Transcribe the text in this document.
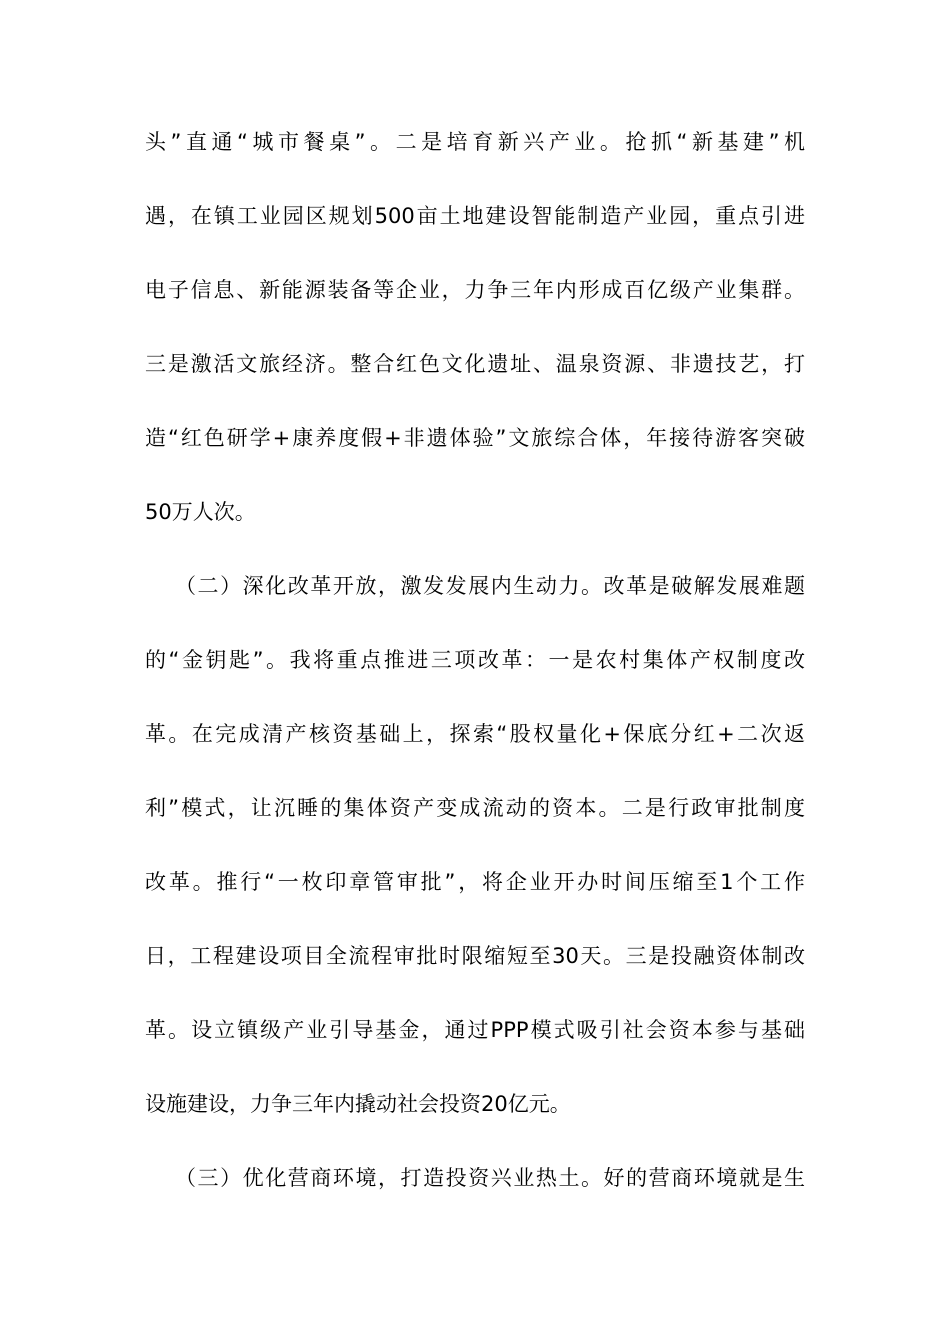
头”直通“城市餐桌”。二是培育新兴产业。抢抓“新基建”机
遇，在镇工业园区规划500亩土地建设智能制造产业园，重点引进
电子信息、新能源装备等企业，力争三年内形成百亿级产业集群。
三是激活文旅经济。整合红色文化遗址、温泉资源、非遗技艺，打
造“红色研学+康养度假+非遗体验”文旅综合体，年接待游客突破
50万人次。
（二）深化改革开放，激发发展内生动力。改革是破解发展难题
的“金钥匙”。我将重点推进三项改革：一是农村集体产权制度改
革。在完成清产核资基础上，探索“股权量化+保底分红+二次返
利”模式，让沉睡的集体资产变成流动的资本。二是行政审批制度
改革。推行“一枚印章管审批”，将企业开办时间压缩至1个工作
日，工程建设项目全流程审批时限缩短至30天。三是投融资体制改
革。设立镇级产业引导基金，通过PPP模式吸引社会资本参与基础
设施建设，力争三年内撬动社会投资20亿元。
（三）优化营商环境，打造投资兴业热土。好的营商环境就是生
